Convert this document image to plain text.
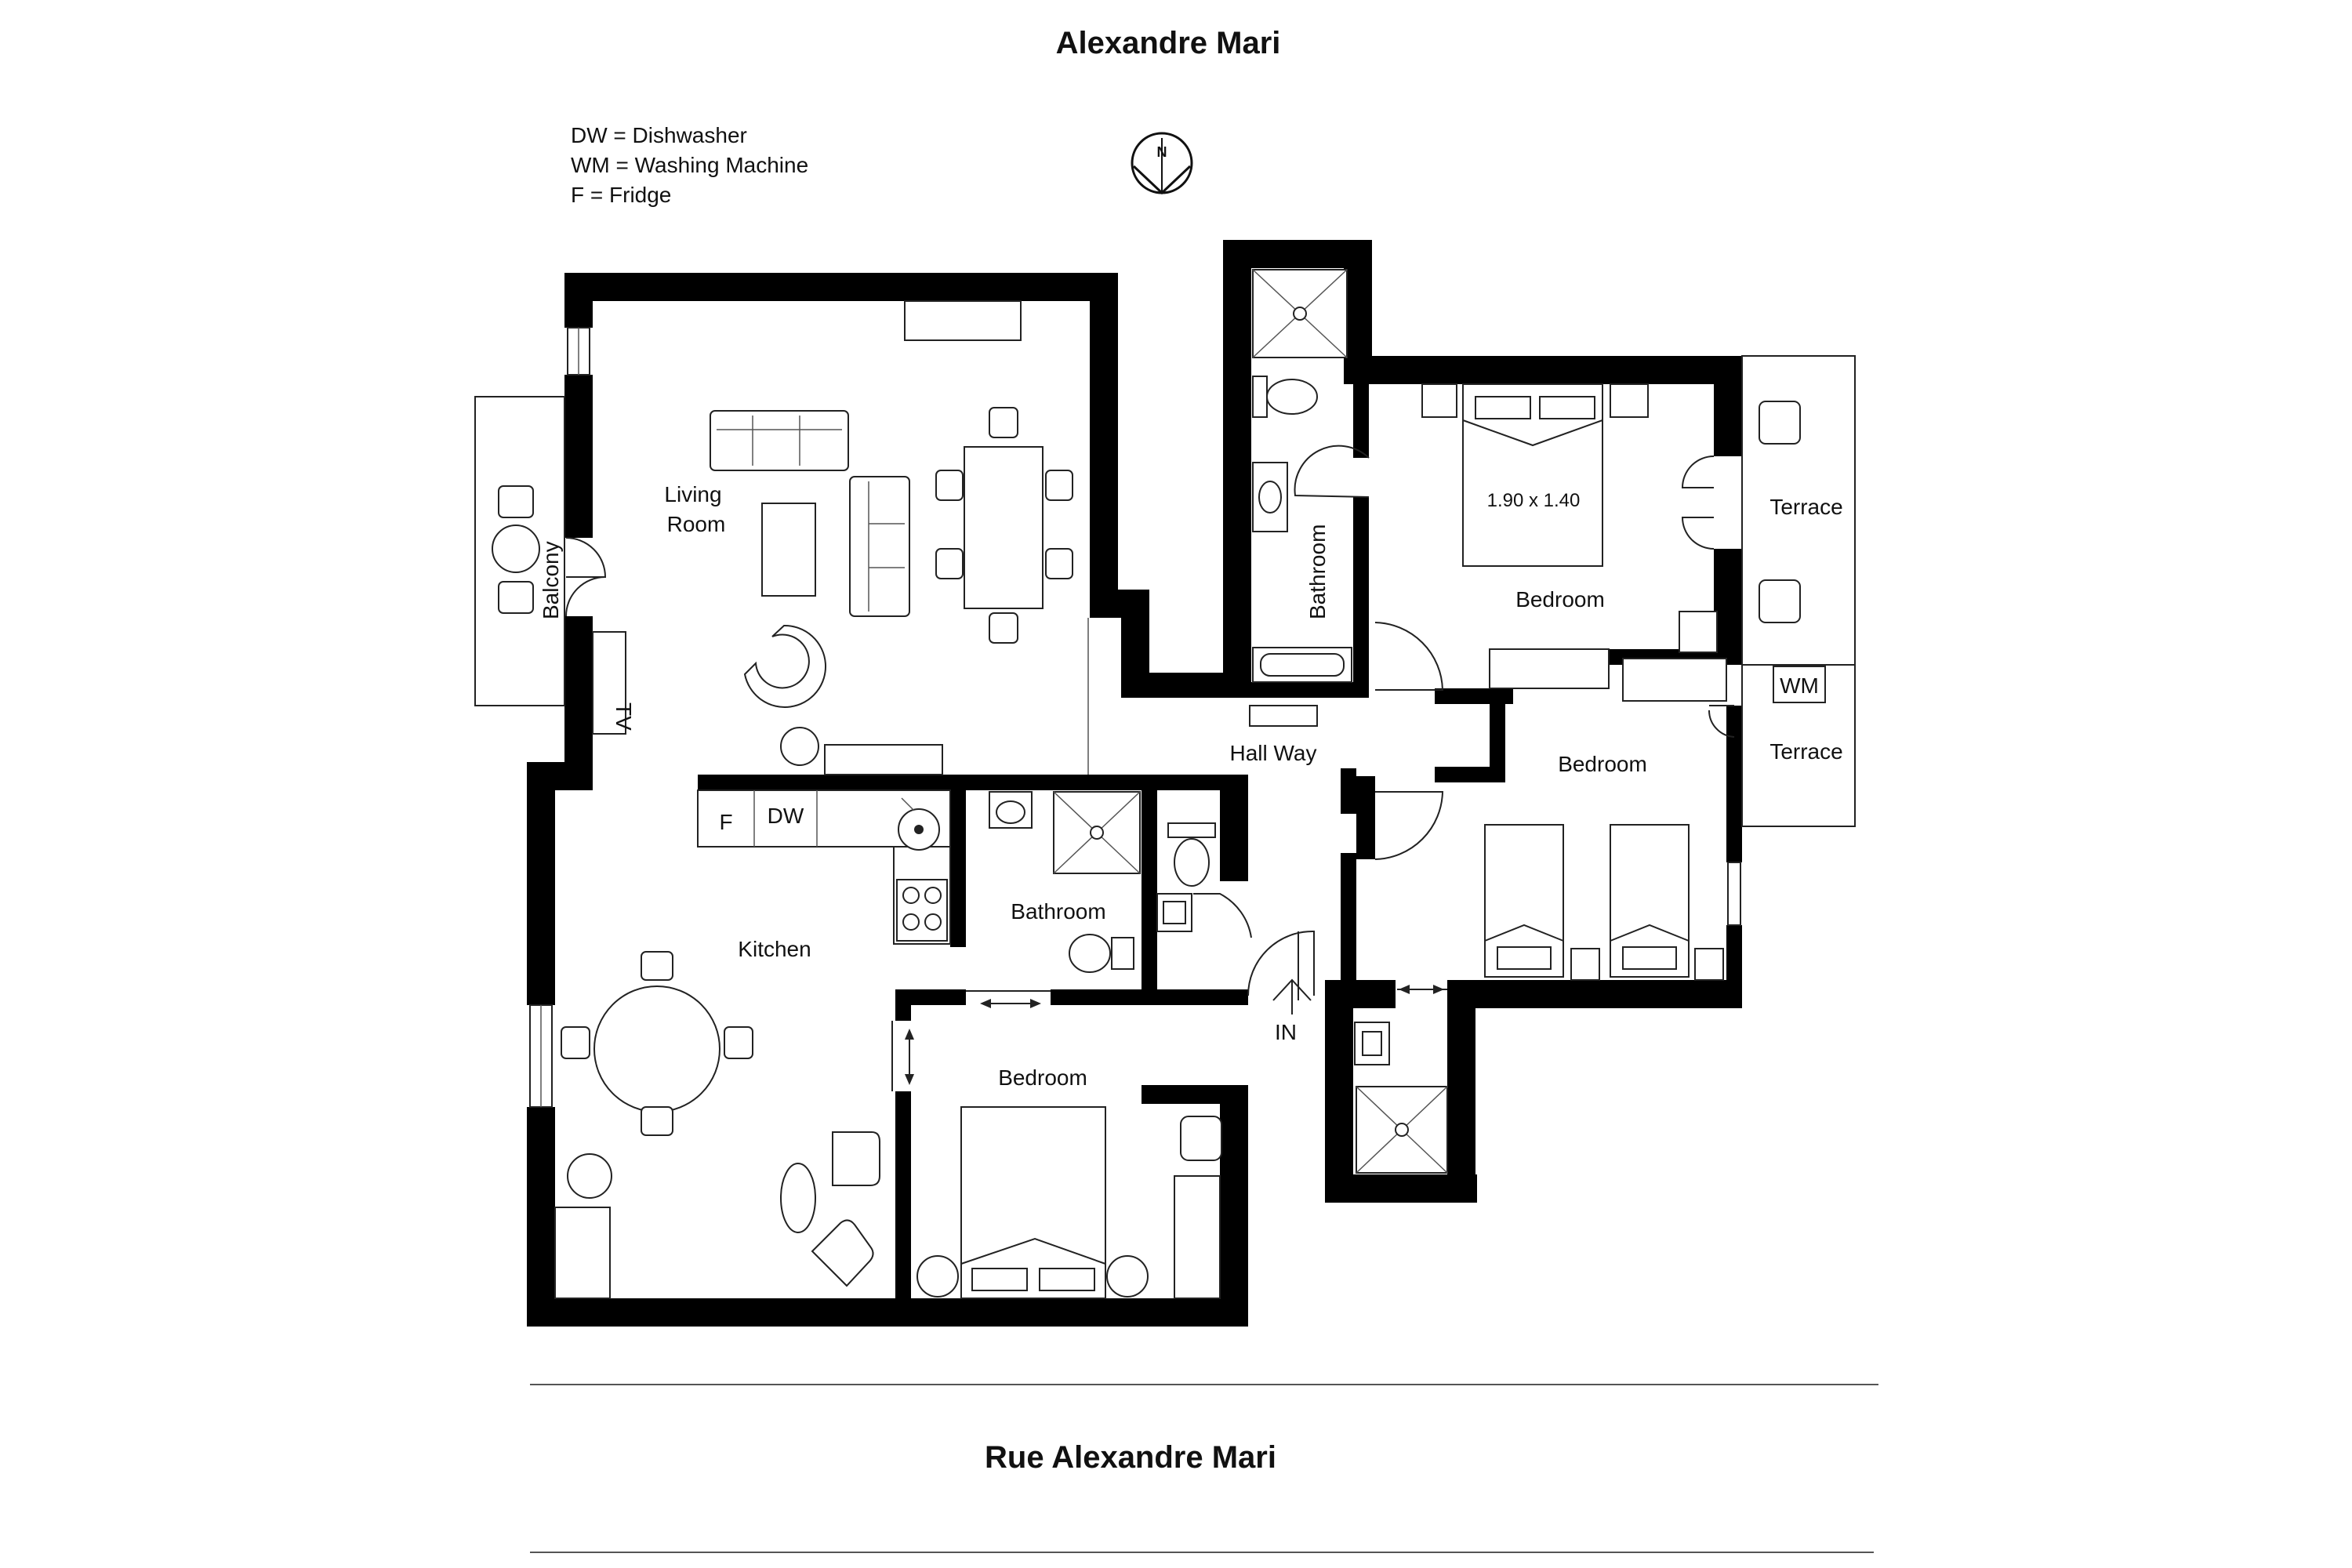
Alexandre Mari
DW = Dishwasher
WM = Washing Machine
F = Fridge
N
Balcony
TV
Living
Room
F DW
Kitchen
Bathroom
Bedroom
Bathroom
1.90 x 1.40
Bedroom
Terrace
WM
Terrace
Bedroom
Hall Way
IN
Rue Alexandre Mari
